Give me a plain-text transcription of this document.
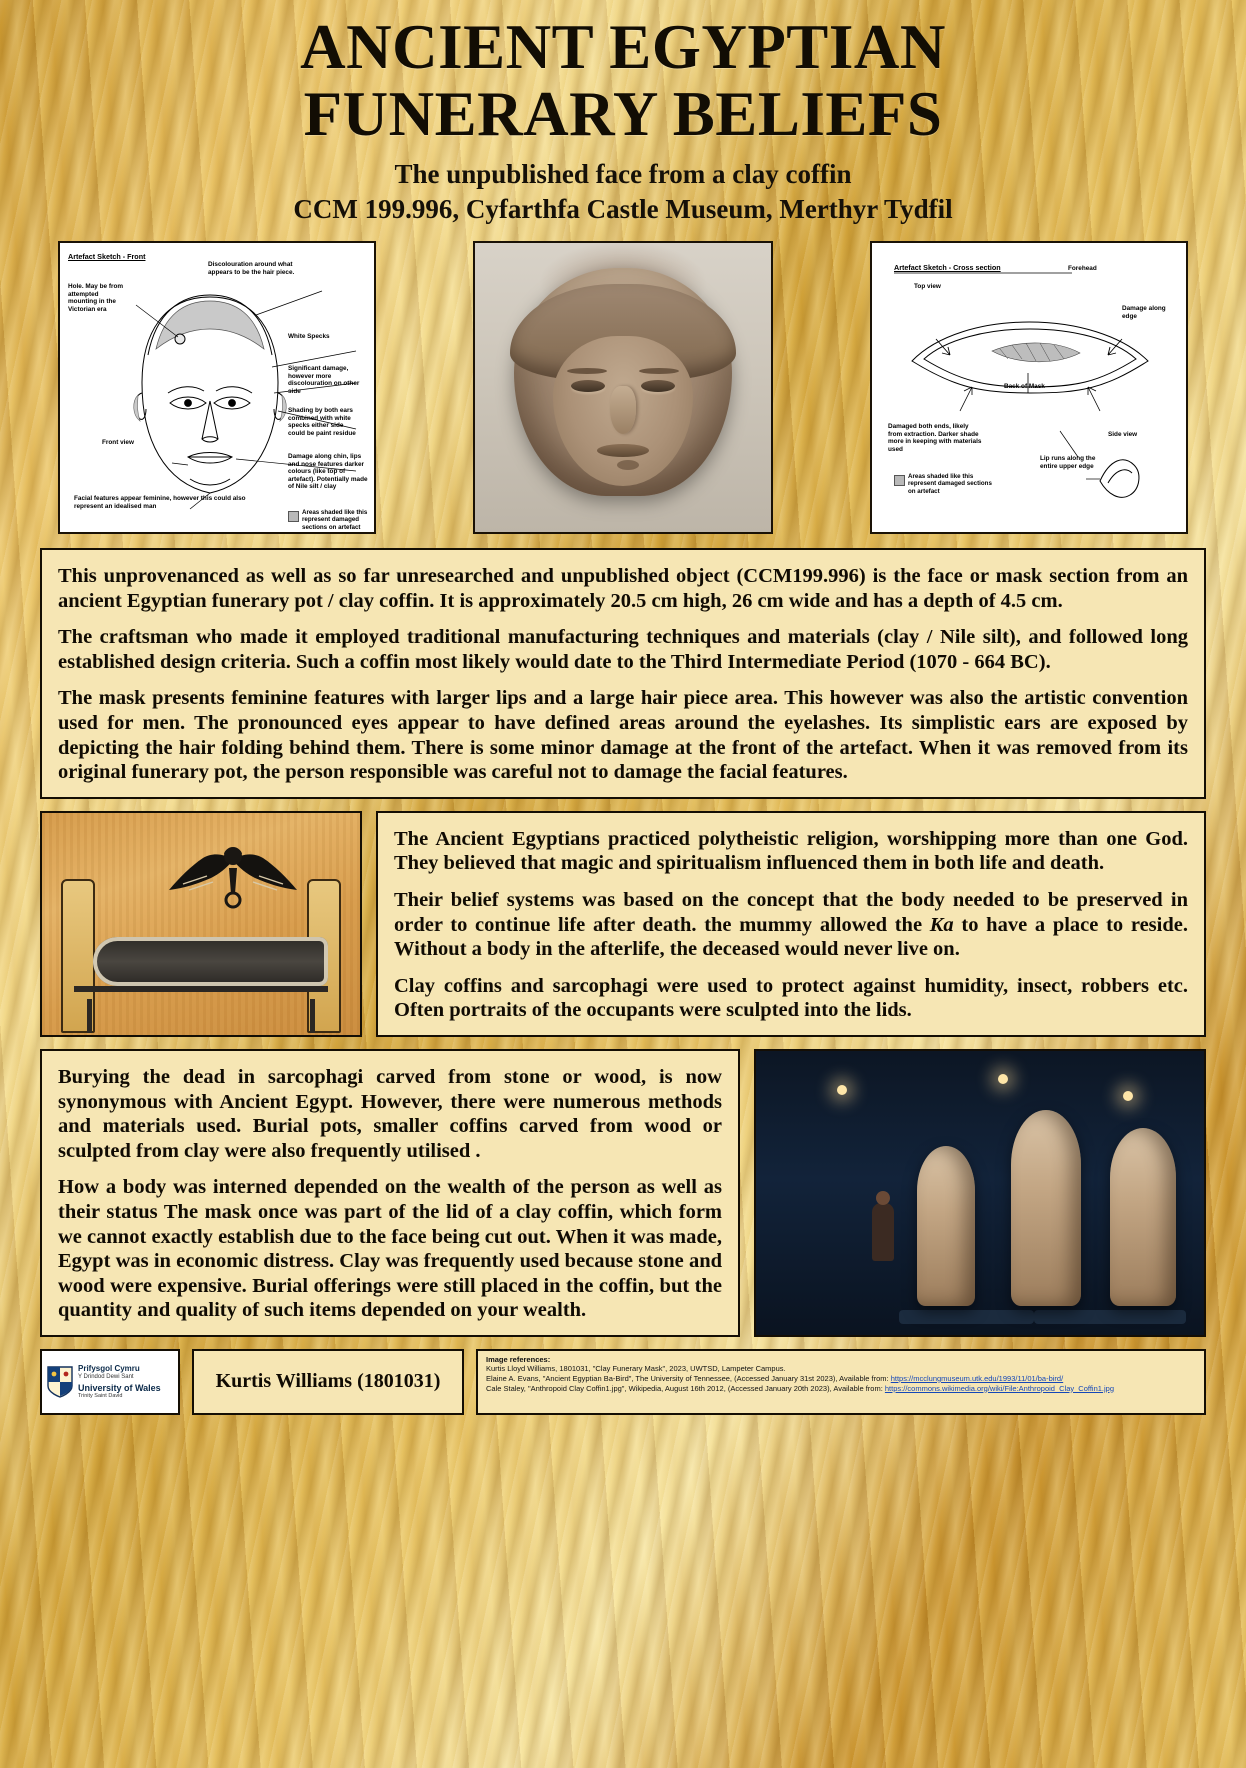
ANCIENT EGYPTIAN
FUNERARY BELIEFS
The unpublished face from a clay coffin
CCM 199.996, Cyfarthfa Castle Museum, Merthyr Tydfil
Artefact Sketch - Front
Hole. May be from attempted mounting in the Victorian era
Discolouration around what appears to be the hair piece.
White Specks
Significant damage, however more discolouration on other side
Shading by both ears combined with white specks either side could be paint residue
Damage along chin, lips and nose features darker colours (like top of artefact). Potentially made of Nile silt / clay
Front view
Facial features appear feminine, however this could also represent an idealised man
Areas shaded like this represent damaged sections on artefact
Artefact Sketch - Cross section
Top view
Forehead
Damage along edge
Back of Mask
Damaged both ends, likely from extraction. Darker shade more in keeping with materials used
Side view
Lip runs along the entire upper edge
Areas shaded like this represent damaged sections on artefact

This unprovenanced as well as so far unresearched and unpublished object (CCM199.996) is the face or mask section from an ancient Egyptian funerary pot / clay coffin. It is approximately 20.5 cm high, 26 cm wide and has a depth of 4.5 cm.

The craftsman who made it employed traditional manufacturing techniques and materials (clay / Nile silt), and followed long established design criteria. Such a coffin most likely would date to the Third Intermediate Period (1070 - 664 BC).

The mask presents feminine features with larger lips and a large hair piece area. This however was also the artistic convention used for men. The pronounced eyes appear to have defined areas around the eyelashes. Its simplistic ears are exposed by depicting the hair folding behind them. There is some minor damage at the front of the artefact. When it was removed from its original funerary pot, the person responsible was careful not to damage the facial features.

The Ancient Egyptians practiced polytheistic religion, worshipping more than one God. They believed that magic and spiritualism influenced them in both life and death.

Their belief systems was based on the concept that the body needed to be preserved in order to continue life after death. the mummy allowed the Ka to have a place to reside. Without a body in the afterlife, the deceased would never live on.

Clay coffins and sarcophagi were used to protect against humidity, insect, robbers etc. Often portraits of the occupants were sculpted into the lids.

Burying the dead in sarcophagi carved from stone or wood, is now synonymous with Ancient Egypt. However, there were numerous methods and materials used. Burial pots, smaller coffins carved from wood or sculpted from clay were also frequently utilised .

How a body was interned depended on the wealth of the person as well as their status The mask once was part of the lid of a clay coffin, which form we cannot exactly establish due to the face being cut out. When it was made, Egypt was in economic distress. Clay was frequently used because stone and wood were expensive. Burial offerings were still placed in the coffin, but the quantity and quality of such items depended on your wealth.

Prifysgol Cymru
Y Drindod Dewi Sant
University of Wales
Trinity Saint David
Kurtis Williams (1801031)
Image references:
Kurtis Lloyd Williams, 1801031, "Clay Funerary Mask", 2023, UWTSD, Lampeter Campus.
Elaine A. Evans, "Ancient Egyptian Ba-Bird", The University of Tennessee, (Accessed January 31st 2023), Available from: https://mcclungmuseum.utk.edu/1993/11/01/ba-bird/
Cale Staley, "Anthropoid Clay Coffin1.jpg", Wikipedia, August 16th 2012, (Accessed January 20th 2023), Available from: https://commons.wikimedia.org/wiki/File:Anthropoid_Clay_Coffin1.jpg
